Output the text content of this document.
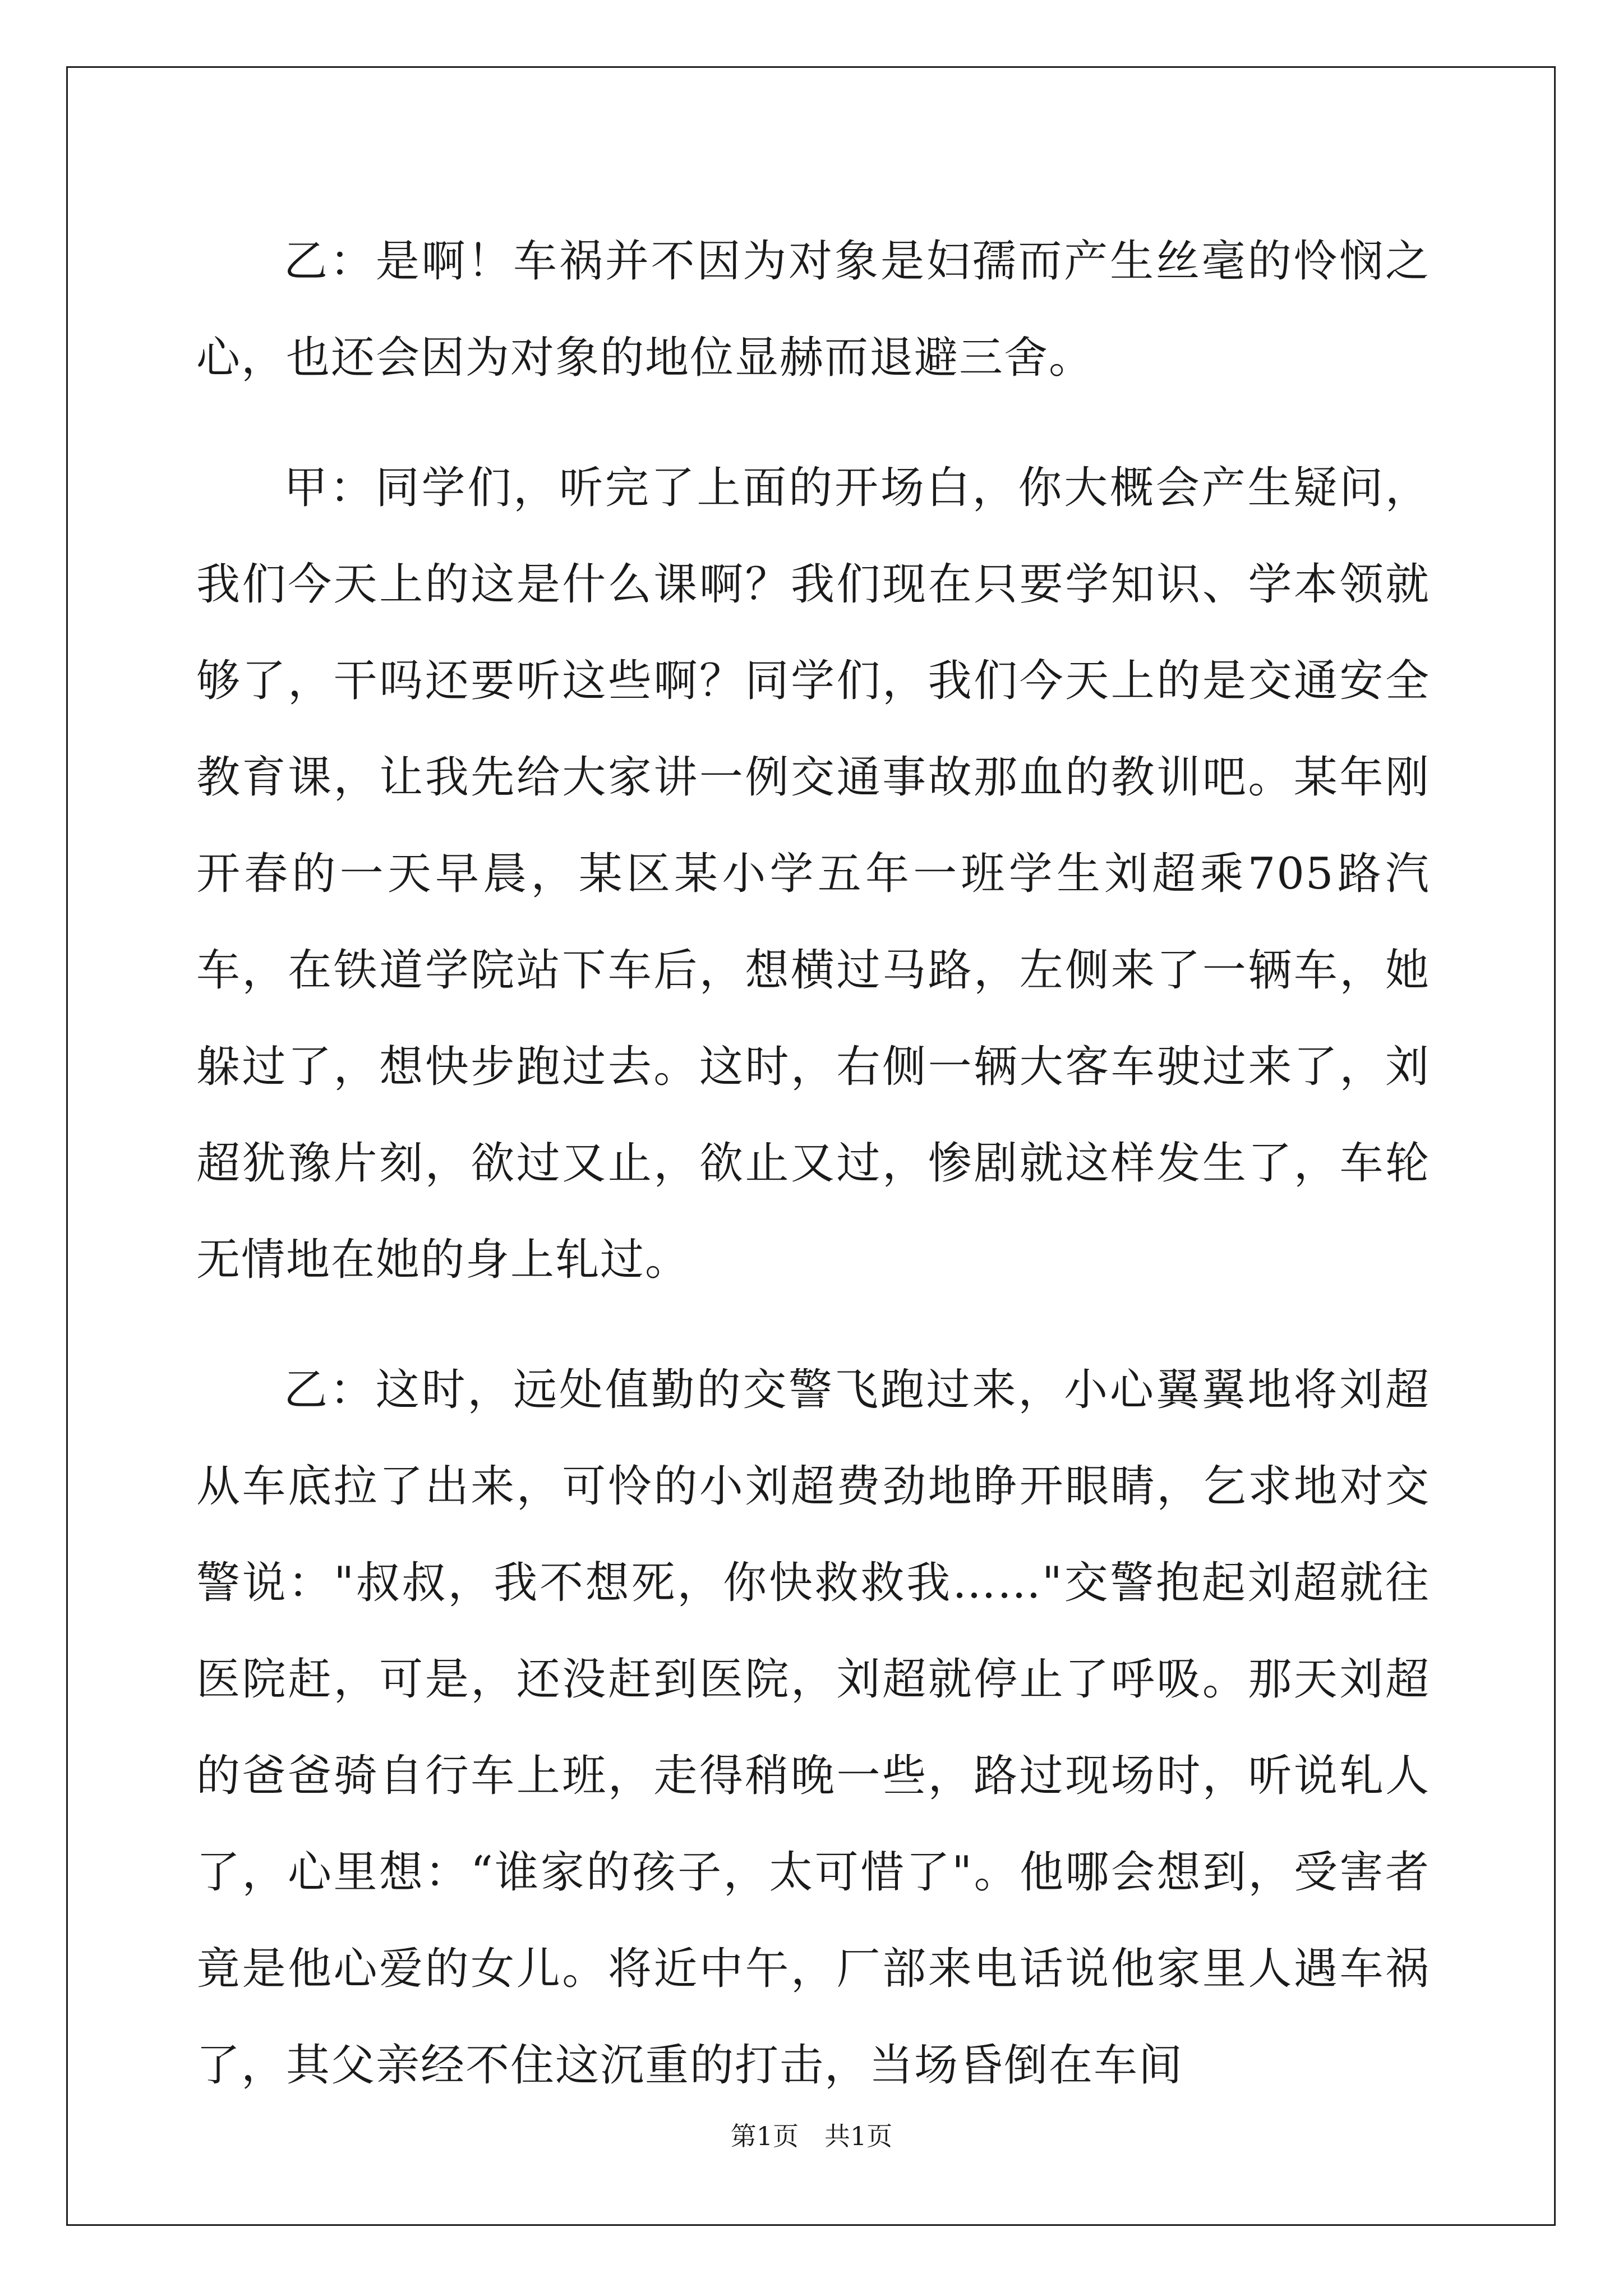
乙：是啊！车祸并不因为对象是妇孺而产生丝毫的怜悯之心，也还会因为对象的地位显赫而退避三舍。

甲：同学们，听完了上面的开场白，你大概会产生疑问，我们今天上的这是什么课啊？我们现在只要学知识、学本领就够了，干吗还要听这些啊？同学们，我们今天上的是交通安全教育课，让我先给大家讲一例交通事故那血的教训吧。某年刚开春的一天早晨，某区某小学五年一班学生刘超乘705路汽车，在铁道学院站下车后，想横过马路，左侧来了一辆车，她躲过了，想快步跑过去。这时，右侧一辆大客车驶过来了，刘超犹豫片刻，欲过又止，欲止又过，惨剧就这样发生了，车轮无情地在她的身上轧过。

乙：这时，远处值勤的交警飞跑过来，小心翼翼地将刘超从车底拉了出来，可怜的小刘超费劲地睁开眼睛，乞求地对交警说："叔叔，我不想死，你快救救我……"交警抱起刘超就往医院赶，可是，还没赶到医院，刘超就停止了呼吸。那天刘超的爸爸骑自行车上班，走得稍晚一些，路过现场时，听说轧人了，心里想：“谁家的孩子，太可惜了"。他哪会想到，受害者竟是他心爱的女儿。将近中午，厂部来电话说他家里人遇车祸了，其父亲经不住这沉重的打击，当场昏倒在车间

第1页 共1页
